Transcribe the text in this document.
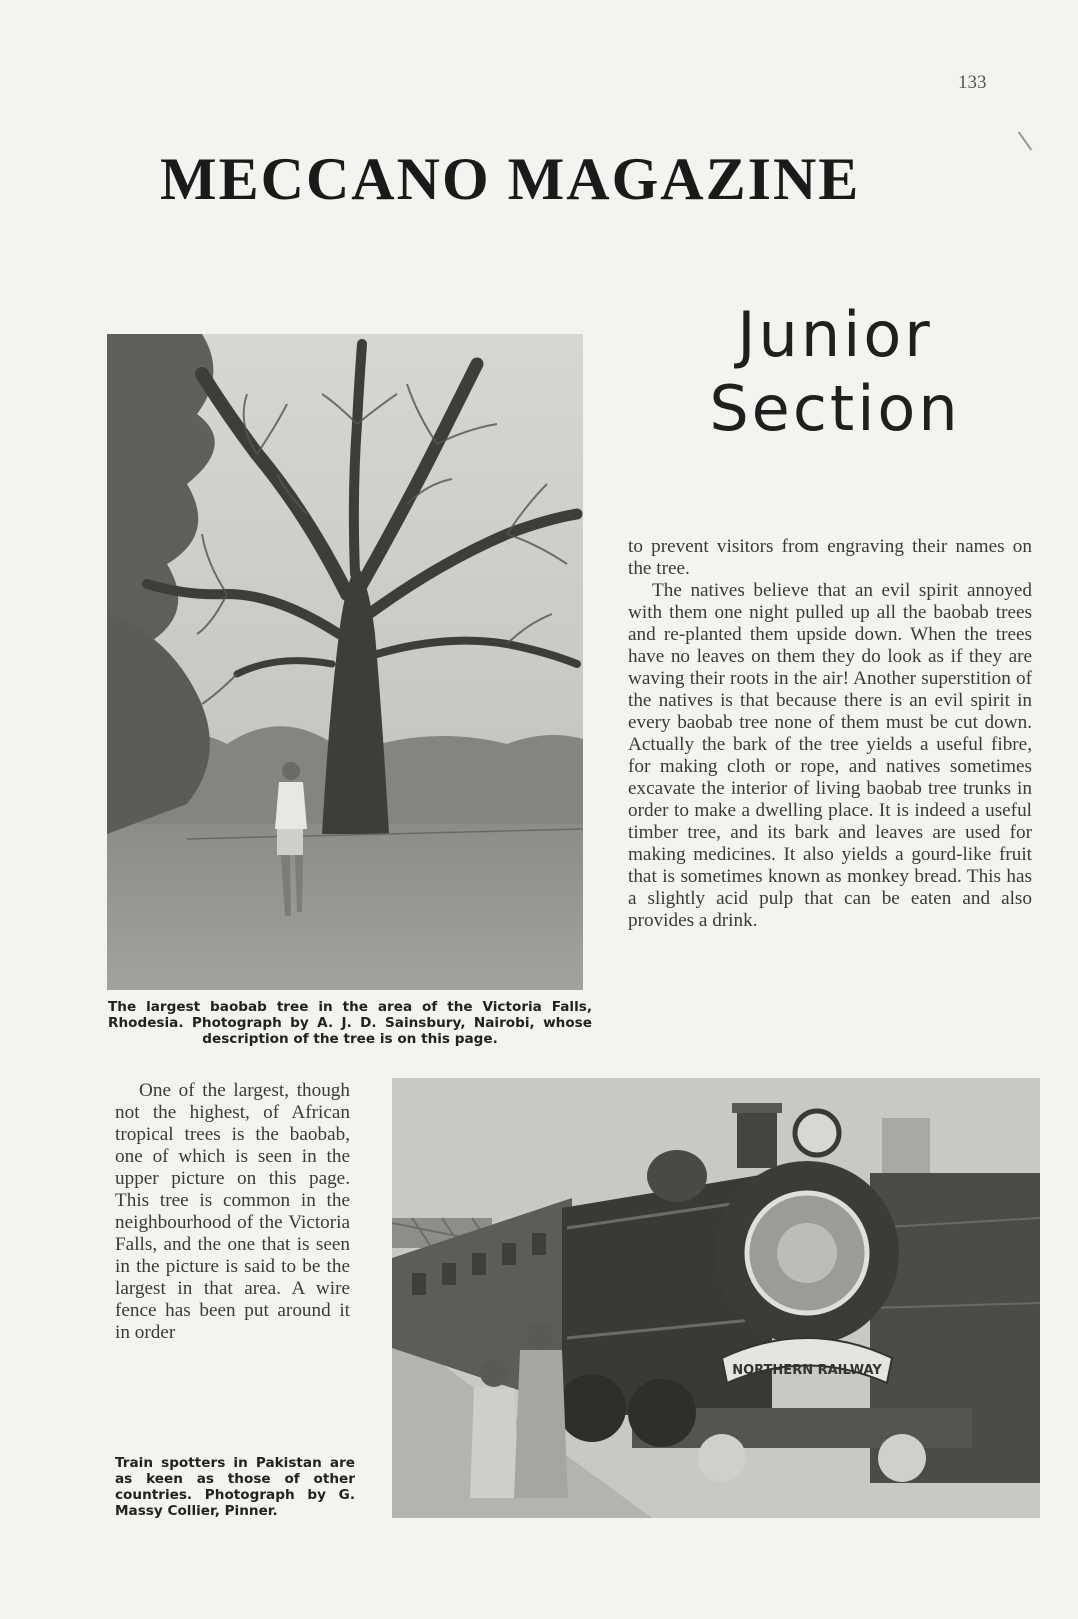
133
MECCANO MAGAZINE
Junior
Section
The largest baobab tree in the area of the Victoria Falls, Rhodesia. Photograph by A. J. D. Sainsbury, Nairobi, whose description of the tree is on this page.

to prevent visitors from engraving their names on the tree.

The natives believe that an evil spirit annoyed with them one night pulled up all the baobab trees and re-planted them upside down. When the trees have no leaves on them they do look as if they are waving their roots in the air! Another superstition of the natives is that because there is an evil spirit in every baobab tree none of them must be cut down. Actually the bark of the tree yields a useful fibre, for making cloth or rope, and natives sometimes excavate the interior of living baobab tree trunks in order to make a dwelling place. It is indeed a useful timber tree, and its bark and leaves are used for making medicines. It also yields a gourd-like fruit that is sometimes known as monkey bread. This has a slightly acid pulp that can be eaten and also provides a drink.

One of the largest, though not the highest, of African tropical trees is the baobab, one of which is seen in the upper picture on this page. This tree is common in the neighbourhood of the Victoria Falls, and the one that is seen in the picture is said to be the largest in that area. A wire fence has been put around it in order

NORTHERN RAILWAY
Train spotters in Pakistan are as keen as those of other countries. Photograph by G. Massy Collier, Pinner.
